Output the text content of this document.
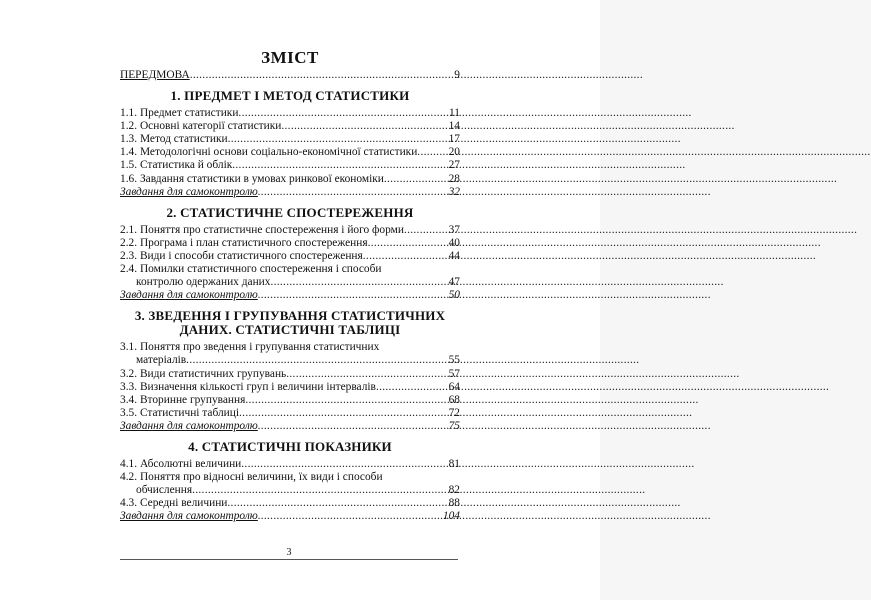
ЗМІСТ
ПЕРЕДМОВА .....	9
1. ПРЕДМЕТ І МЕТОД СТАТИСТИКИ
1.1. Предмет статистики .....	11
1.2. Основні категорії статистики .....	14
1.3. Метод статистики .....	17
1.4. Методологічні основи соціально-економічної статистики .....	20
1.5. Статистика й облік .....	27
1.6. Завдання статистики в умовах ринкової економіки .....	28
Завдання для самоконтролю .....	32
2. СТАТИСТИЧНЕ СПОСТЕРЕЖЕННЯ
2.1. Поняття про статистичне спостереження і його форми .....	37
2.2. Програма і план статистичного спостереження .....	40
2.3. Види і способи статистичного спостереження .....	44
2.4. Помилки статистичного спостереження і способи
контролю одержаних даних .....	47
Завдання для самоконтролю .....	50
3. ЗВЕДЕННЯ І ГРУПУВАННЯ СТАТИСТИЧНИХ
ДАНИХ. СТАТИСТИЧНІ ТАБЛИЦІ
3.1. Поняття про зведення і групування статистичних
матеріалів .....	55
3.2. Види статистичних групувань .....	57
3.3. Визначення кількості груп і величини інтервалів .....	64
3.4. Вторинне групування .....	68
3.5. Статистичні таблиці .....	72
Завдання для самоконтролю .....	75
4. СТАТИСТИЧНІ ПОКАЗНИКИ
4.1. Абсолютні величини .....	81
4.2. Поняття про відносні величини, їх види і способи
обчислення .....	82
4.3. Середні величини .....	88
Завдання для самоконтролю .....	104
3
